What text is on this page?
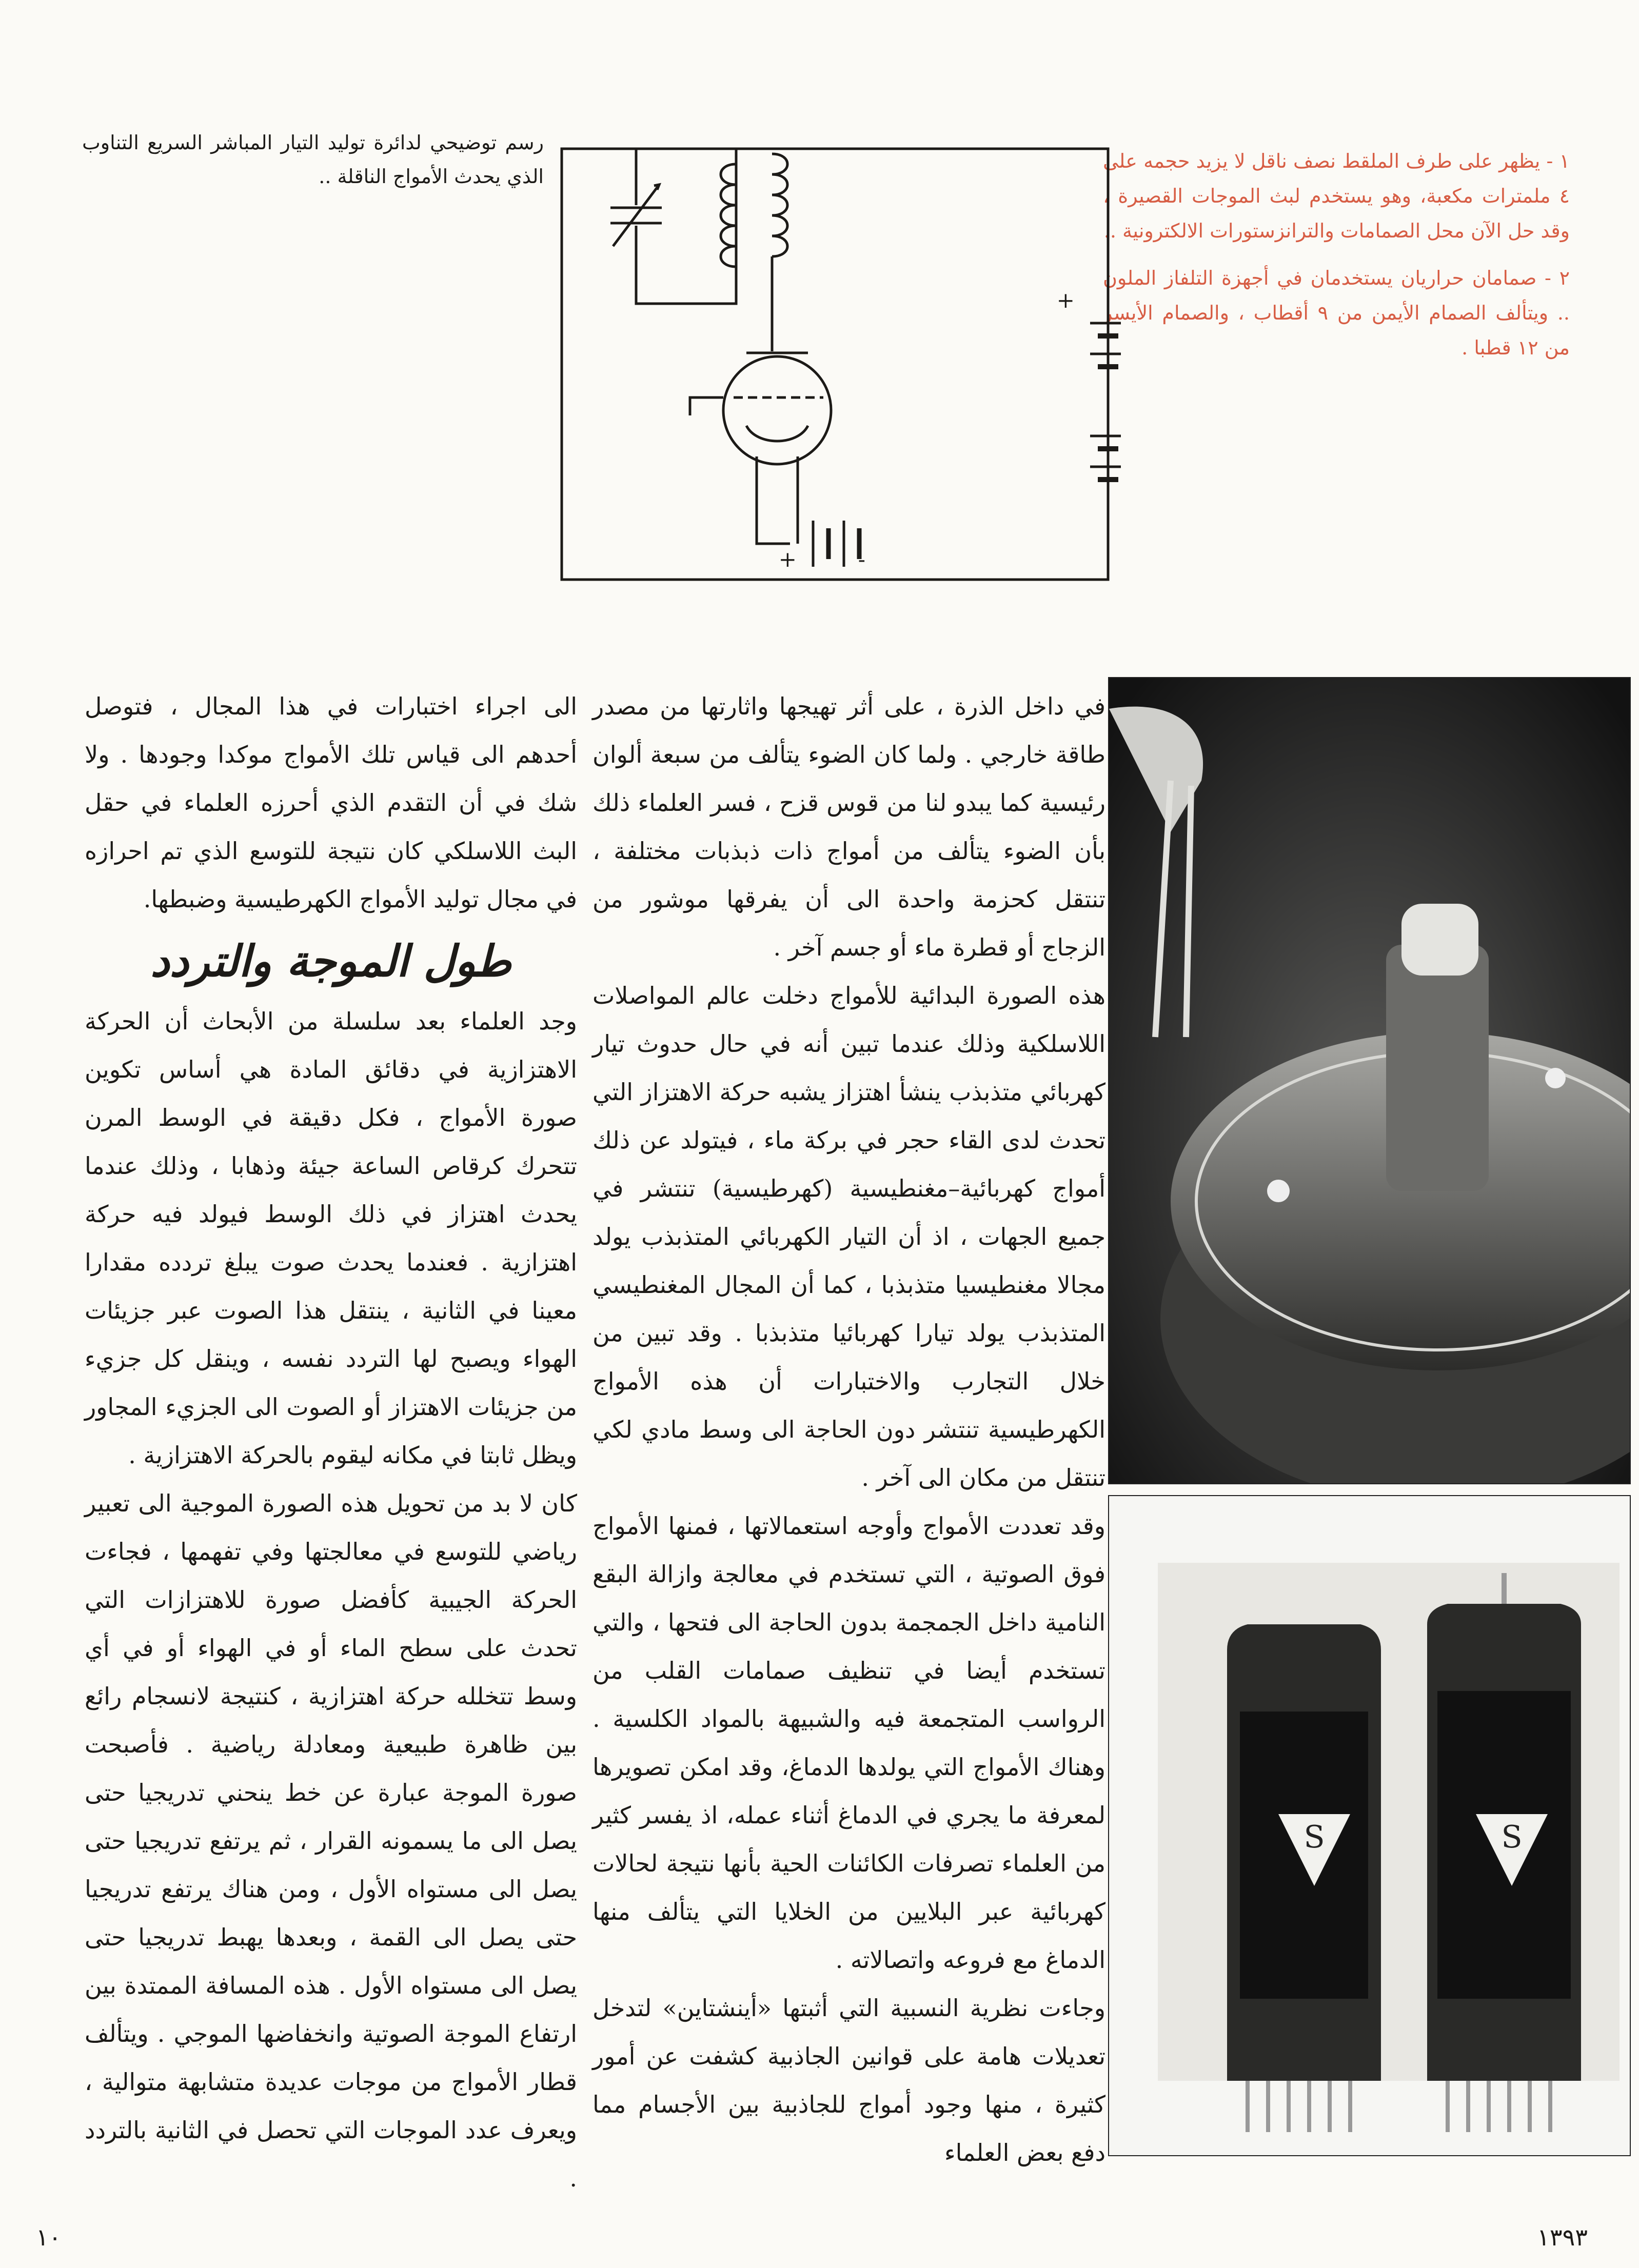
رسم توضيحي لدائرة توليد التيار المباشر السريع التناوب الذي يحدث الأمواج الناقلة ..

١ - يظهر على طرف الملقط نصف ناقل لا يزيد حجمه على ٤ ملمترات مكعبة، وهو يستخدم لبث الموجات القصيرة ، وقد حل الآن محل الصمامات والترانزستورات الالكترونية ..

٢ - صمامان حراريان يستخدمان في أجهزة التلفاز الملون .. ويتألف الصمام الأيمن من ٩ أقطاب ، والصمام الأيسر من ١٢ قطبا .

+	-
+
S	S

في داخل الذرة ، على أثر تهيجها واثارتها من مصدر طاقة خارجي . ولما كان الضوء يتألف من سبعة ألوان رئيسية كما يبدو لنا من قوس قزح ، فسر العلماء ذلك بأن الضوء يتألف من أمواج ذات ذبذبات مختلفة ، تنتقل كحزمة واحدة الى أن يفرقها موشور من الزجاج أو قطرة ماء أو جسم آخر .

هذه الصورة البدائية للأمواج دخلت عالم المواصلات اللاسلكية وذلك عندما تبين أنه في حال حدوث تيار كهربائي متذبذب ينشأ اهتزاز يشبه حركة الاهتزاز التي تحدث لدى القاء حجر في بركة ماء ، فيتولد عن ذلك أمواج كهربائية–مغنطيسية (كهرطيسية) تنتشر في جميع الجهات ، اذ أن التيار الكهربائي المتذبذب يولد مجالا مغنطيسيا متذبذبا ، كما أن المجال المغنطيسي المتذبذب يولد تيارا كهربائيا متذبذبا . وقد تبين من خلال التجارب والاختبارات أن هذه الأمواج الكهرطيسية تنتشر دون الحاجة الى وسط مادي لكي تنتقل من مكان الى آخر .

وقد تعددت الأمواج وأوجه استعمالاتها ، فمنها الأمواج فوق الصوتية ، التي تستخدم في معالجة وازالة البقع النامية داخل الجمجمة بدون الحاجة الى فتحها ، والتي تستخدم أيضا في تنظيف صمامات القلب من الرواسب المتجمعة فيه والشبيهة بالمواد الكلسية . وهناك الأمواج التي يولدها الدماغ، وقد امكن تصويرها لمعرفة ما يجري في الدماغ أثناء عمله، اذ يفسر كثير من العلماء تصرفات الكائنات الحية بأنها نتيجة لحالات كهربائية عبر البلايين من الخلايا التي يتألف منها الدماغ مع فروعه واتصالاته .

وجاءت نظرية النسبية التي أثبتها «أينشتاين» لتدخل تعديلات هامة على قوانين الجاذبية كشفت عن أمور كثيرة ، منها وجود أمواج للجاذبية بين الأجسام مما دفع بعض العلماء

الى اجراء اختبارات في هذا المجال ، فتوصل أحدهم الى قياس تلك الأمواج موكدا وجودها . ولا شك في أن التقدم الذي أحرزه العلماء في حقل البث اللاسلكي كان نتيجة للتوسع الذي تم احرازه في مجال توليد الأمواج الكهرطيسية وضبطها.

طول الموجة والتردد

وجد العلماء بعد سلسلة من الأبحاث أن الحركة الاهتزازية في دقائق المادة هي أساس تكوين صورة الأمواج ، فكل دقيقة في الوسط المرن تتحرك كرقاص الساعة جيئة وذهابا ، وذلك عندما يحدث اهتزاز في ذلك الوسط فيولد فيه حركة اهتزازية . فعندما يحدث صوت يبلغ تردده مقدارا معينا في الثانية ، ينتقل هذا الصوت عبر جزيئات الهواء ويصبح لها التردد نفسه ، وينقل كل جزيء من جزيئات الاهتزاز أو الصوت الى الجزيء المجاور ويظل ثابتا في مكانه ليقوم بالحركة الاهتزازية .

كان لا بد من تحويل هذه الصورة الموجية الى تعبير رياضي للتوسع في معالجتها وفي تفهمها ، فجاءت الحركة الجيبية كأفضل صورة للاهتزازات التي تحدث على سطح الماء أو في الهواء أو في أي وسط تتخلله حركة اهتزازية ، كنتيجة لانسجام رائع بين ظاهرة طبيعية ومعادلة رياضية . فأصبحت صورة الموجة عبارة عن خط ينحني تدريجيا حتى يصل الى ما يسمونه القرار ، ثم يرتفع تدريجيا حتى يصل الى مستواه الأول ، ومن هناك يرتفع تدريجيا حتى يصل الى القمة ، وبعدها يهبط تدريجيا حتى يصل الى مستواه الأول . هذه المسافة الممتدة بين ارتفاع الموجة الصوتية وانخفاضها الموجي . ويتألف قطار الأمواج من موجات عديدة متشابهة متوالية ، ويعرف عدد الموجات التي تحصل في الثانية بالتردد .

١٠	١٣٩٣
